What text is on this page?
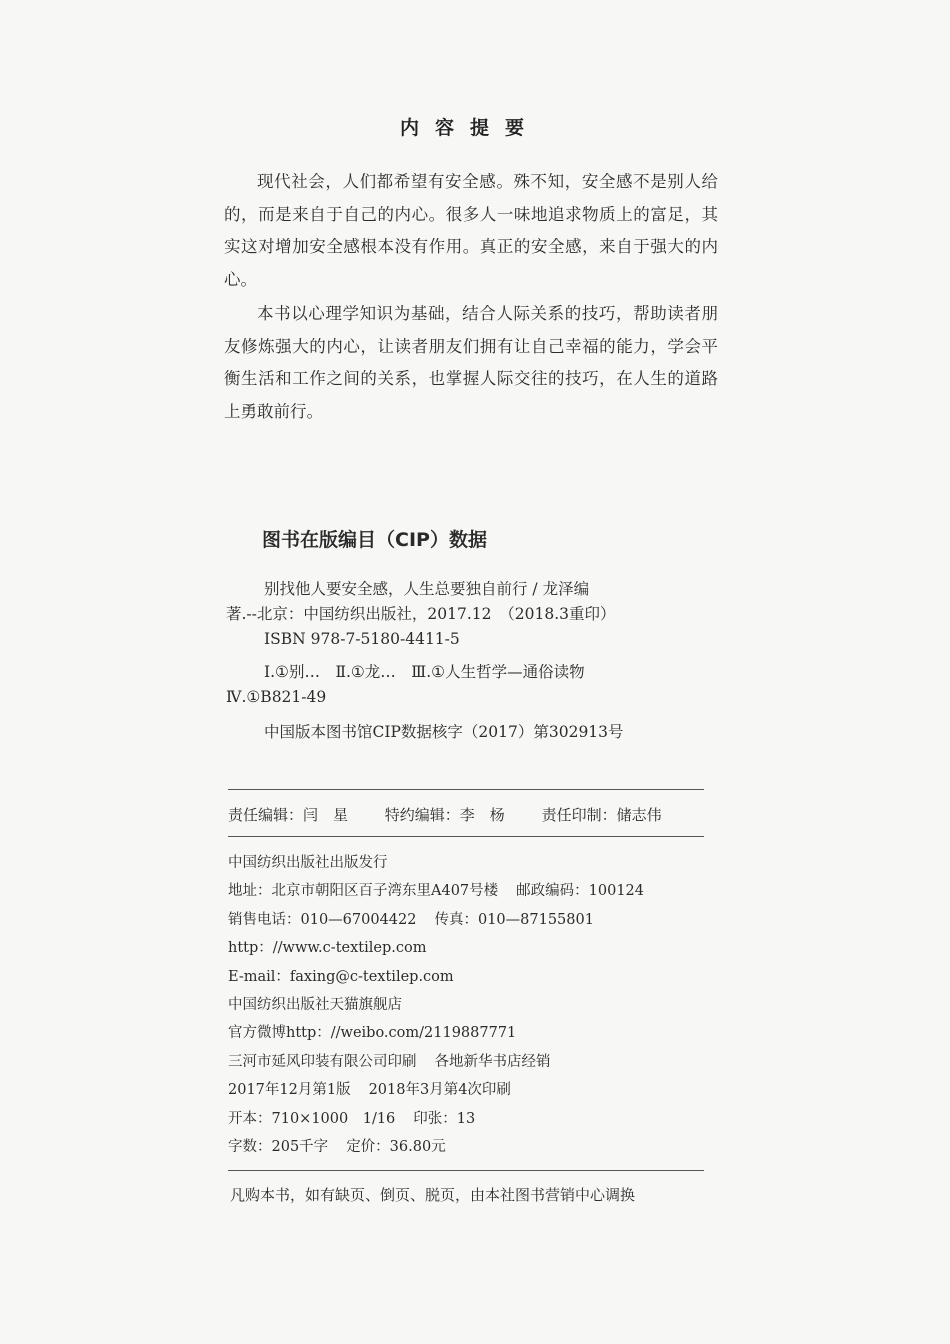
内容提要

现代社会，人们都希望有安全感。殊不知，安全感不是别人给的，而是来自于自己的内心。很多人一味地追求物质上的富足，其实这对增加安全感根本没有作用。真正的安全感，来自于强大的内心。

本书以心理学知识为基础，结合人际关系的技巧，帮助读者朋友修炼强大的内心，让读者朋友们拥有让自己幸福的能力，学会平衡生活和工作之间的关系，也掌握人际交往的技巧，在人生的道路上勇敢前行。

图书在版编目（CIP）数据
别找他人要安全感，人生总要独自前行 / 龙泽编
著.--北京：中国纺织出版社，2017.12　（2018.3重印）
ISBN 978-7-5180-4411-5
Ⅰ.①别…　Ⅱ.①龙…　Ⅲ.①人生哲学—通俗读物
Ⅳ.①B821-49
中国版本图书馆CIP数据核字（2017）第302913号
责任编辑：闫　星 特约编辑：李　杨 责任印制：储志伟
中国纺织出版社出版发行
地址：北京市朝阳区百子湾东里A407号楼 邮政编码：100124
销售电话：010—67004422 传真：010—87155801
http：//www.c-textilep.com
E-mail：faxing@c-textilep.com
中国纺织出版社天猫旗舰店
官方微博http：//weibo.com/2119887771
三河市延风印装有限公司印刷 各地新华书店经销
2017年12月第1版 2018年3月第4次印刷
开本：710×1000　1/16 印张：13
字数：205千字 定价：36.80元
凡购本书，如有缺页、倒页、脱页，由本社图书营销中心调换
